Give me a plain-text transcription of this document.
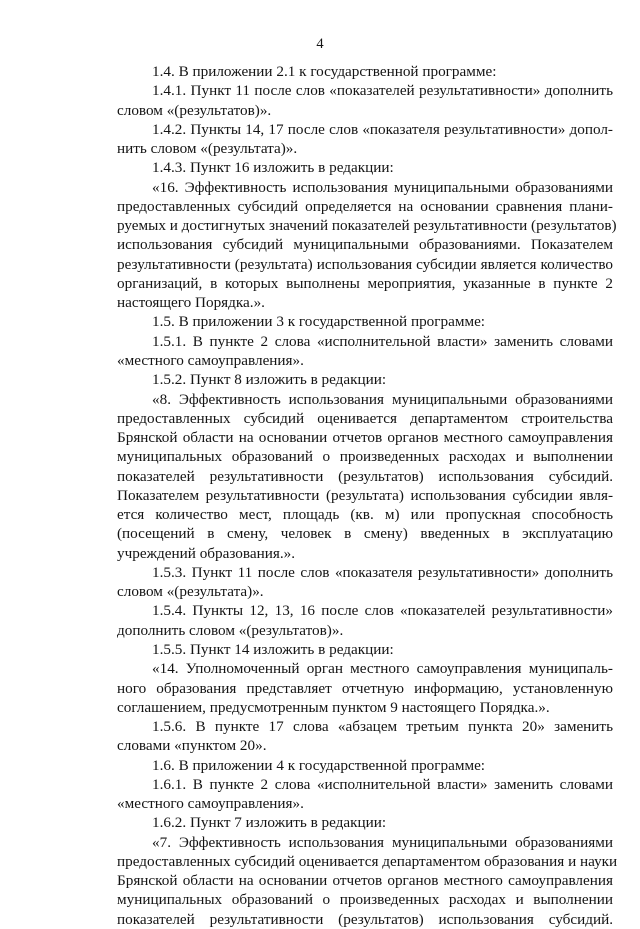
4
1.4. В приложении 2.1 к государственной программе:
1.4.1. Пункт 11 после слов «показателей результативности» дополнить
словом «(результатов)».
1.4.2. Пункты 14, 17 после слов «показателя результативности» допол-
нить словом «(результата)».
1.4.3. Пункт 16 изложить в редакции:
«16. Эффективность использования муниципальными образованиями
предоставленных субсидий определяется на основании сравнения плани-
руемых и достигнутых значений показателей результативности (результатов)
использования субсидий муниципальными образованиями. Показателем
результативности (результата) использования субсидии является количество
организаций, в которых выполнены мероприятия, указанные в пункте 2
настоящего Порядка.».
1.5. В приложении 3 к государственной программе:
1.5.1. В пункте 2 слова «исполнительной власти» заменить словами
«местного самоуправления».
1.5.2. Пункт 8 изложить в редакции:
«8. Эффективность использования муниципальными образованиями
предоставленных субсидий оценивается департаментом строительства
Брянской области на основании отчетов органов местного самоуправления
муниципальных образований о произведенных расходах и выполнении
показателей результативности (результатов) использования субсидий.
Показателем результативности (результата) использования субсидии явля-
ется количество мест, площадь (кв. м) или пропускная способность
(посещений в смену, человек в смену) введенных в эксплуатацию
учреждений образования.».
1.5.3. Пункт 11 после слов «показателя результативности» дополнить
словом «(результата)».
1.5.4. Пункты 12, 13, 16 после слов «показателей результативности»
дополнить словом «(результатов)».
1.5.5. Пункт 14 изложить в редакции:
«14. Уполномоченный орган местного самоуправления муниципаль-
ного образования представляет отчетную информацию, установленную
соглашением, предусмотренным пунктом 9 настоящего Порядка.».
1.5.6. В пункте 17 слова «абзацем третьим пункта 20» заменить
словами «пунктом 20».
1.6. В приложении 4 к государственной программе:
1.6.1. В пункте 2 слова «исполнительной власти» заменить словами
«местного самоуправления».
1.6.2. Пункт 7 изложить в редакции:
«7. Эффективность использования муниципальными образованиями
предоставленных субсидий оценивается департаментом образования и науки
Брянской области на основании отчетов органов местного самоуправления
муниципальных образований о произведенных расходах и выполнении
показателей результативности (результатов) использования субсидий.
